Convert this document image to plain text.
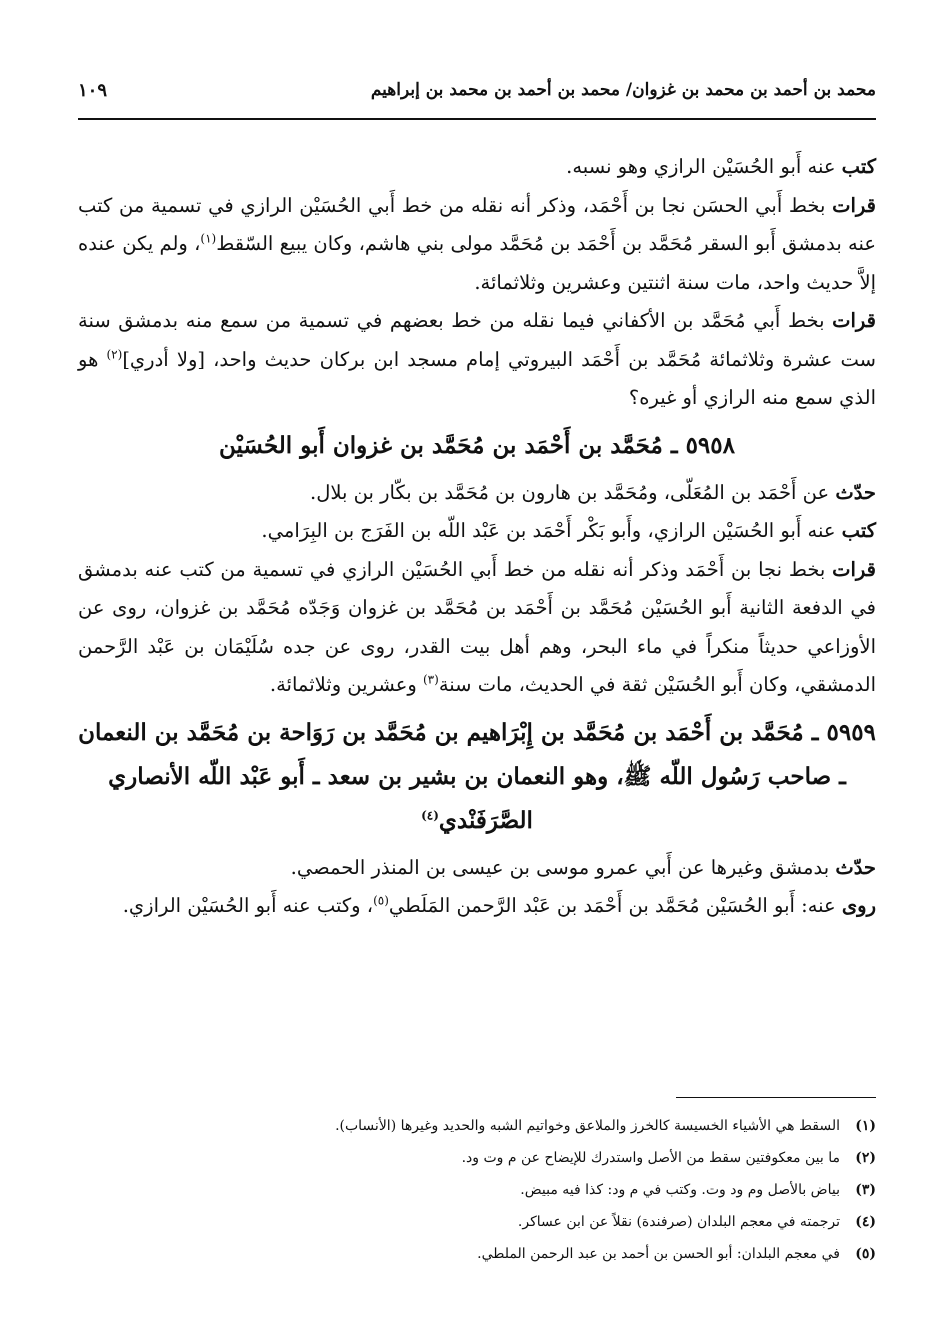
محمد بن أحمد بن محمد بن غزوان/ محمد بن أحمد بن محمد بن إبراهيم
١٠٩

كتب عنه أَبو الحُسَيْن الرازي وهو نسبه.

قرات بخط أَبي الحسَن نجا بن أَحْمَد، وذكر أنه نقله من خط أَبي الحُسَيْن الرازي في تسمية من كتب عنه بدمشق أَبو السقر مُحَمَّد بن أَحْمَد بن مُحَمَّد مولى بني هاشم، وكان يبيع السّقط$^{(١)}$، ولم يكن عنده إلاَّ حديث واحد، مات سنة اثنتين وعشرين وثلاثمائة.

قرات بخط أَبي مُحَمَّد بن الأكفاني فيما نقله من خط بعضهم في تسمية من سمع منه بدمشق سنة ست عشرة وثلاثمائة مُحَمَّد بن أَحْمَد البيروتي إمام مسجد ابن بركان حديث واحد، [ولا أدري]$^{(٢)}$ هو الذي سمع منه الرازي أو غيره؟

٥٩٥٨ ـ مُحَمَّد بن أَحْمَد بن مُحَمَّد بن غزوان أَبو الحُسَيْن

حدّث عن أَحْمَد بن المُعَلّى، ومُحَمَّد بن هارون بن مُحَمَّد بن بكّار بن بلال.

كتب عنه أَبو الحُسَيْن الرازي، وأَبو بَكْر أَحْمَد بن عَبْد اللّه بن الفَرَج بن البِرَامي.

قرات بخط نجا بن أَحْمَد وذكر أنه نقله من خط أَبي الحُسَيْن الرازي في تسمية من كتب عنه بدمشق في الدفعة الثانية أَبو الحُسَيْن مُحَمَّد بن أَحْمَد بن مُحَمَّد بن غزوان وَجَدّه مُحَمَّد بن غزوان، روى عن الأوزاعي حديثاً منكراً في ماء البحر، وهم أهل بيت القدر، روى عن جده سُلَيْمَان بن عَبْد الرَّحمن الدمشقي، وكان أَبو الحُسَيْن ثقة في الحديث، مات سنة$^{(٣)}$ وعشرين وثلاثمائة.

٥٩٥٩ ـ مُحَمَّد بن أَحْمَد بن مُحَمَّد بن إِبْرَاهيم بن مُحَمَّد بن رَوَاحة بن مُحَمَّد بن النعمان ـ صاحب رَسُول اللّه ﷺ، وهو النعمان بن بشير بن سعد ـ أَبو عَبْد اللّه الأنصاري الصَّرَفَنْدي$^{(٤)}$

حدّث بدمشق وغيرها عن أَبي عمرو موسى بن عيسى بن المنذر الحمصي.

روى عنه: أَبو الحُسَيْن مُحَمَّد بن أَحْمَد بن عَبْد الرَّحمن المَلَطي$^{(٥)}$، وكتب عنه أَبو الحُسَيْن الرازي.

(١)
السقط هي الأشياء الخسيسة كالخرز والملاعق وخواتيم الشبه والحديد وغيرها (الأنساب).
(٢)
ما بين معكوفتين سقط من الأصل واستدرك للإيضاح عن م وت ود.
(٣)
بياض بالأصل وم ود وت. وكتب في م ود: كذا فيه مبيض.
(٤)
ترجمته في معجم البلدان (صرفندة) نقلاً عن ابن عساكر.
(٥)
في معجم البلدان: أبو الحسن بن أحمد بن عبد الرحمن الملطي.
